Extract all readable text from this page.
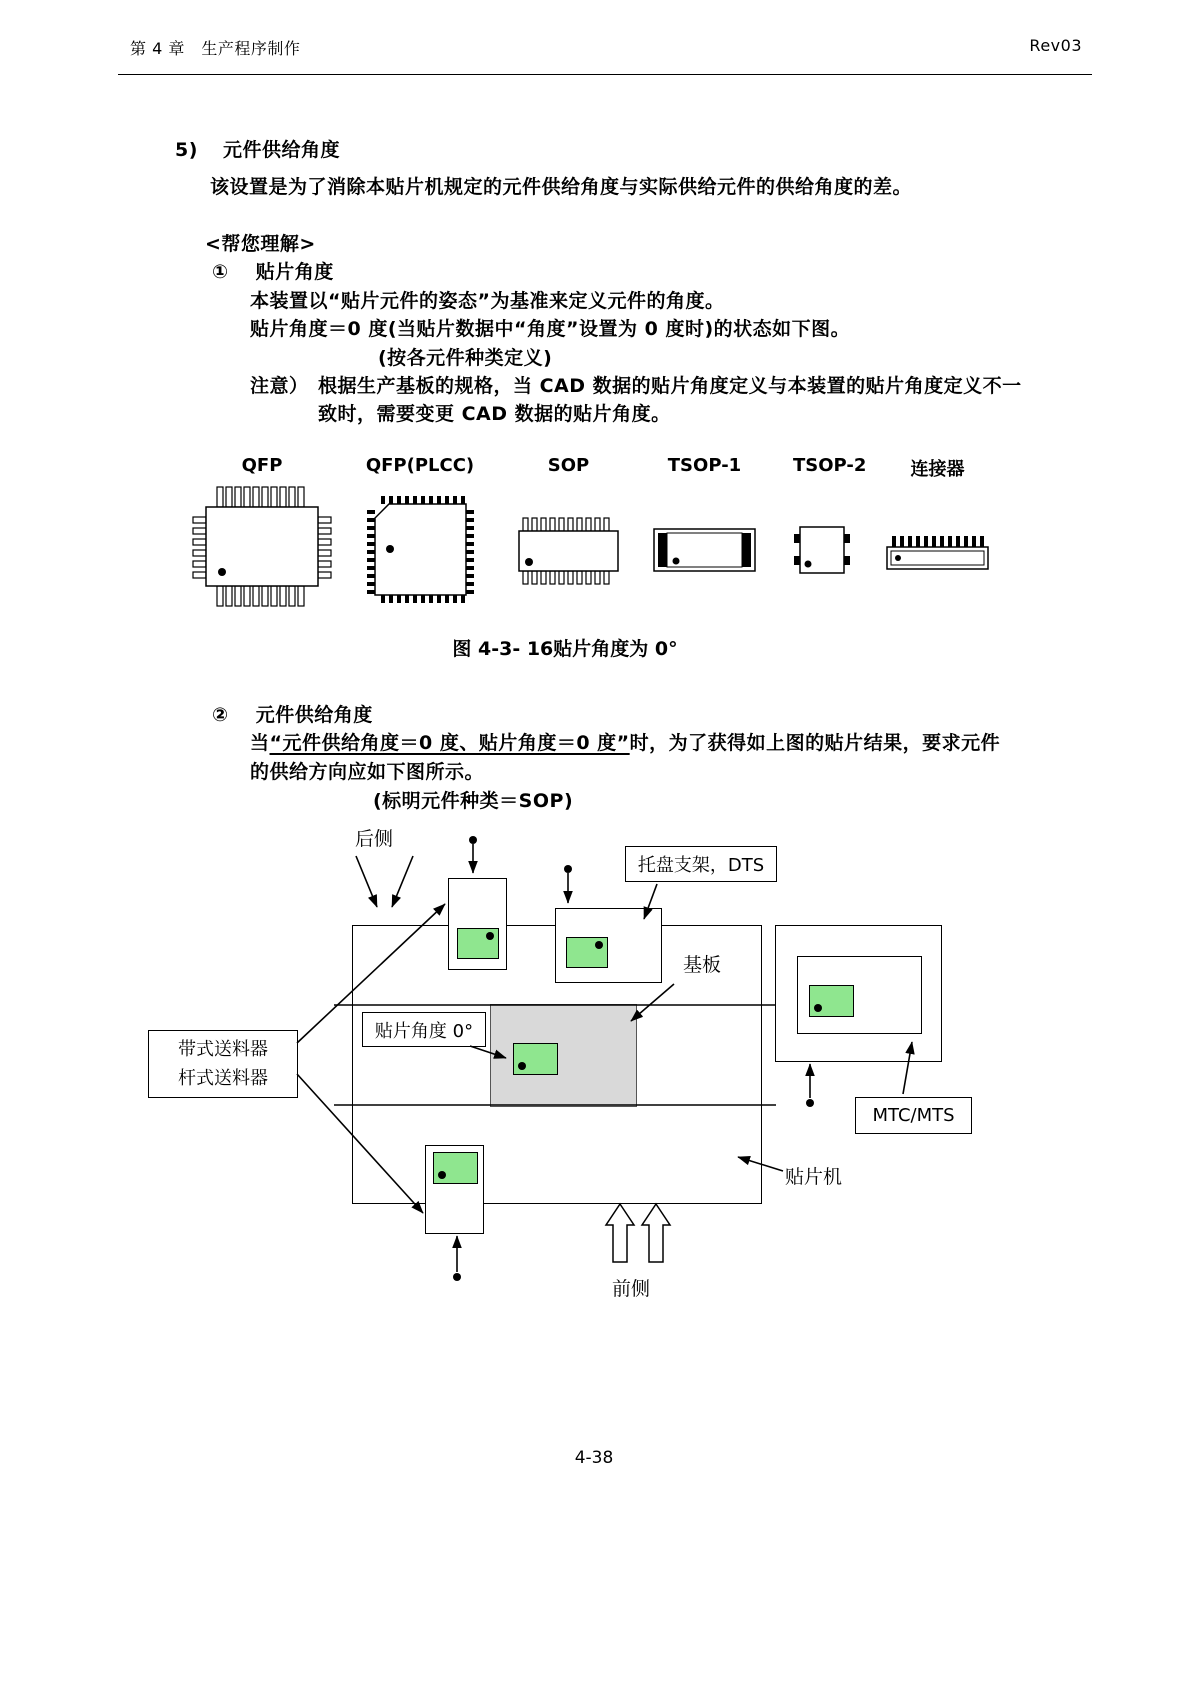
第 4 章　生产程序制作	Rev03
5) 元件供给角度
该设置是为了消除本贴片机规定的元件供给角度与实际供给元件的供给角度的差。
<帮您理解>
① 贴片角度
本装置以“贴片元件的姿态”为基准来定义元件的角度。
贴片角度＝0 度(当贴片数据中“角度”设置为 0 度时)的状态如下图。
(按各元件种类定义)
注意） 根据生产基板的规格，当 CAD 数据的贴片角度定义与本装置的贴片角度定义不一
致时，需要变更 CAD 数据的贴片角度。
QFP	QFP(PLCC)	SOP	TSOP-1	TSOP-2	连接器
图 4-3- 16贴片角度为 0°
② 元件供给角度
当“元件供给角度＝0 度、贴片角度＝0 度”时，为了获得如上图的贴片结果，要求元件
的供给方向应如下图所示。
(标明元件种类＝SOP)
托盘支架，DTS
贴片角度 0°
带式送料器
杆式送料器
MTC/MTS
后侧
基板
贴片机
前侧
4-38
